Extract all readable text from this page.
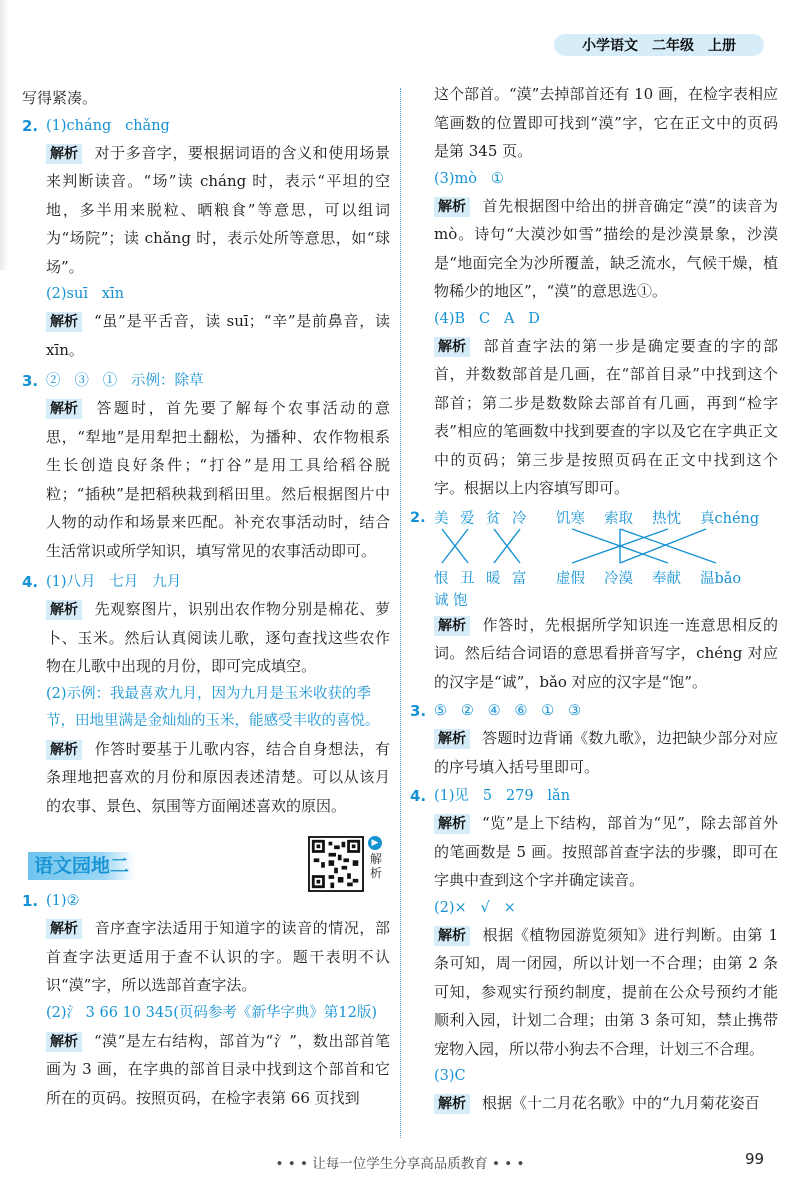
小学语文 二年级 上册
写得紧凑。
2. (1)cháng   chǎng
解析 对于多音字，要根据词语的含义和使用场景来判断读音。“场”读 cháng 时，表示“平坦的空地，多半用来脱粒、晒粮食”等意思，可以组词为“场院”；读 chǎng 时，表示处所等意思，如“球场”。
(2)suī   xīn
解析 “虽”是平舌音，读 suī；“辛”是前鼻音，读 xīn。
3. ②   ③   ①   示例：除草
解析 答题时，首先要了解每个农事活动的意思，“犁地”是用犁把土翻松，为播种、农作物根系生长创造良好条件；“打谷”是用工具给稻谷脱粒；“插秧”是把稻秧栽到稻田里。然后根据图片中人物的动作和场景来匹配。补充农事活动时，结合生活常识或所学知识，填写常见的农事活动即可。
4. (1)八月   七月   九月
解析 先观察图片，识别出农作物分别是棉花、萝卜、玉米。然后认真阅读儿歌，逐句查找这些农作物在儿歌中出现的月份，即可完成填空。
(2)示例：我最喜欢九月，因为九月是玉米收获的季节，田地里满是金灿灿的玉米，能感受丰收的喜悦。
解析 作答时要基于儿歌内容，结合自身想法，有条理地把喜欢的月份和原因表述清楚。可以从该月的农事、景色、氛围等方面阐述喜欢的原因。
语文园地二
▶
解析
1. (1)②
解析 音序查字法适用于知道字的读音的情况，部首查字法更适用于查不认识的字。题干表明不认识“漠”字，所以选部首查字法。
(2)氵 3 66 10 345(页码参考《新华字典》第12版)
解析 “漠”是左右结构，部首为“氵”，数出部首笔画为 3 画，在字典的部首目录中找到这个部首和它所在的页码。按照页码，在检字表第 66 页找到
这个部首。“漠”去掉部首还有 10 画，在检字表相应笔画数的位置即可找到“漠”字，它在正文中的页码是第 345 页。
(3)mò   ①
解析 首先根据图中给出的拼音确定“漠”的读音为 mò。诗句“大漠沙如雪”描绘的是沙漠景象，沙漠是“地面完全为沙所覆盖，缺乏流水，气候干燥，植物稀少的地区”，“漠”的意思选①。
(4)B   C   A   D
解析 部首查字法的第一步是确定要查的字的部首，并数数部首是几画，在“部首目录”中找到这个部首；第二步是数数除去部首有几画，再到“检字表”相应的笔画数中找到要查的字以及它在字典正文中的页码；第三步是按照页码在正文中找到这个字。根据以上内容填写即可。
2. 美 爱 贫 冷
恨 丑 暖 富
饥寒 索取 热忱 真chéng
虚假 冷漠 奉献 温bǎo
诚 饱
解析 作答时，先根据所学知识连一连意思相反的词。然后结合词语的意思看拼音写字，chéng 对应的汉字是“诚”，bǎo 对应的汉字是“饱”。
3. ⑤   ②   ④   ⑥   ①   ③
解析 答题时边背诵《数九歌》，边把缺少部分对应的序号填入括号里即可。
4. (1)见   5   279   lǎn
解析 “览”是上下结构，部首为“见”，除去部首外的笔画数是 5 画。按照部首查字法的步骤，即可在字典中查到这个字并确定读音。
(2)×   √   ×
解析 根据《植物园游览须知》进行判断。由第 1 条可知，周一闭园，所以计划一不合理；由第 2 条可知，参观实行预约制度，提前在公众号预约才能顺利入园，计划二合理；由第 3 条可知，禁止携带宠物入园，所以带小狗去不合理，计划三不合理。
(3)C
解析 根据《十二月花名歌》中的“九月菊花姿百
• • • 让每一位学生分享高品质教育 • • •	99
